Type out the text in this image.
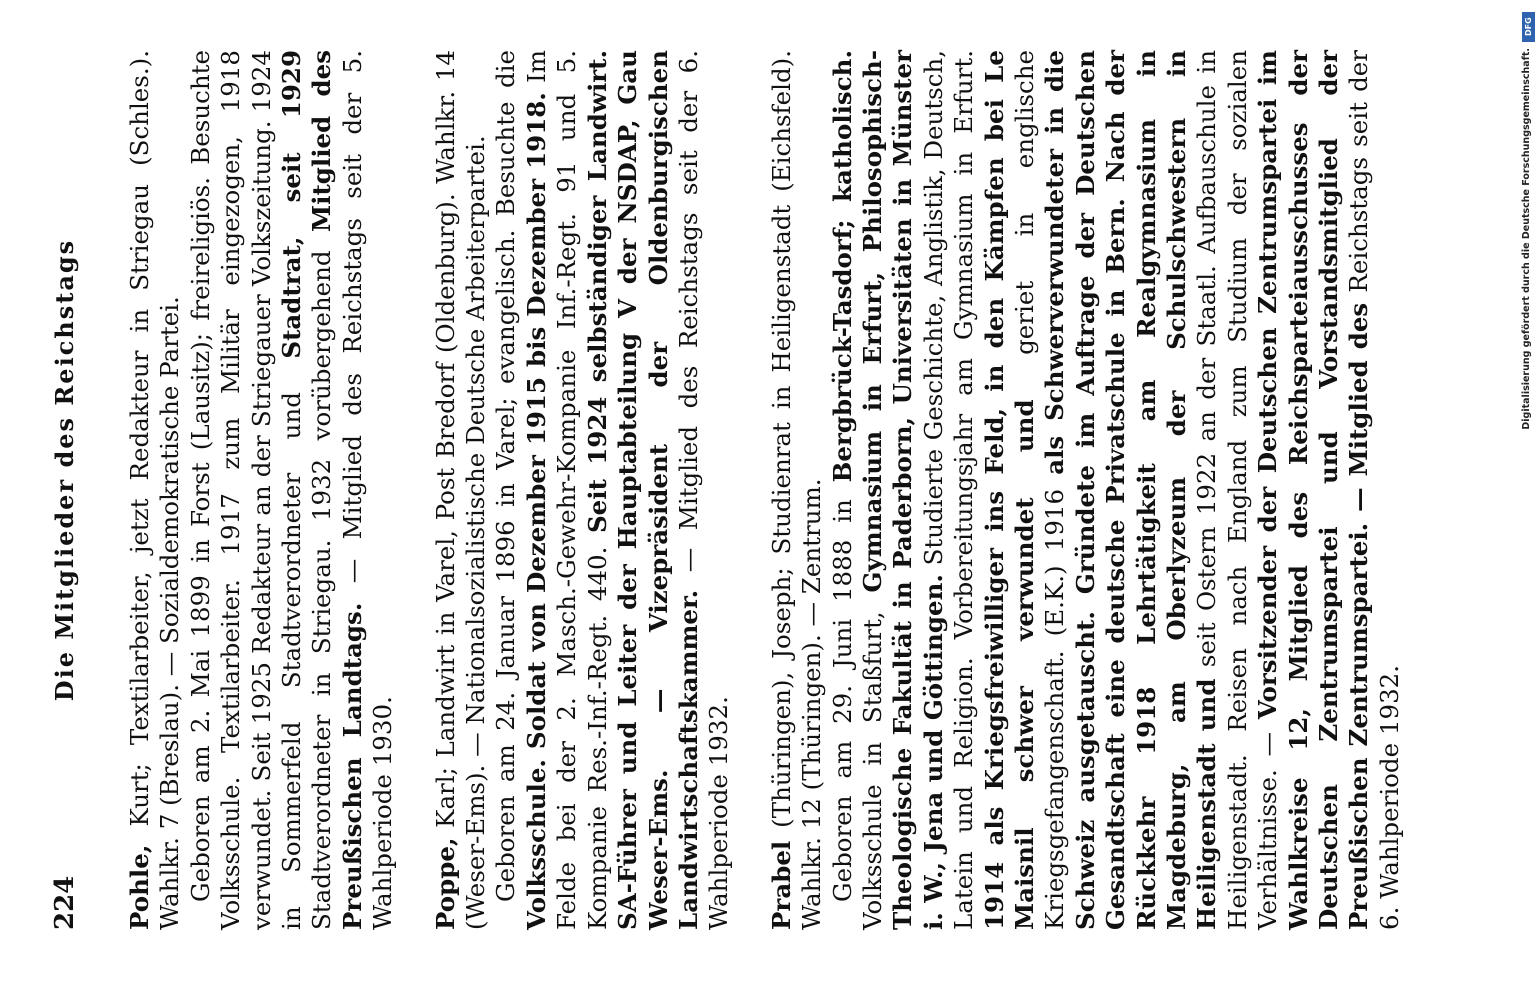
224
Die Mitglieder des Reichstags

Pohle, Kurt; Textilarbeiter, jetzt Redakteur in Striegau (Schles.). Wahlkr. 7 (Breslau). — Sozialdemokratische Partei. Geboren am 2. Mai 1899 in Forst (Lausitz); freireligiös. Besuchte Volksschule. Textilarbeiter. 1917 zum Militär eingezogen, 1918 verwundet. Seit 1925 Redakteur an der Striegauer Volkszeitung. 1924 in Sommerfeld Stadtverordneter und Stadtrat, seit 1929 Stadtverordneter in Striegau. 1932 vorübergehend Mitglied des Preußischen Landtags. — Mitglied des Reichstags seit der 5. Wahlperiode 1930. Poppe, Karl; Landwirt in Varel, Post Bredorf (Oldenburg). Wahlkr. 14 (Weser-Ems). — Nationalsozialistische Deutsche Arbeiterpartei. Geboren am 24. Januar 1896 in Varel; evangelisch. Besuchte die Volksschule. Soldat von Dezember 1915 bis Dezember 1918. Im Felde bei der 2. Masch.-Gewehr-Kompanie Inf.-Regt. 91 und 5. Kompanie Res.-Inf.-Regt. 440. Seit 1924 selbständiger Landwirt. SA-Führer und Leiter der Hauptabteilung V der NSDAP, Gau Weser-Ems. — Vizepräsident der Oldenburgischen Landwirtschaftskammer. — Mitglied des Reichstags seit der 6. Wahlperiode 1932. Prabel (Thüringen), Joseph; Studienrat in Heiligenstadt (Eichsfeld). Wahlkr. 12 (Thüringen). — Zentrum. Geboren am 29. Juni 1888 in Bergbrück-Tasdorf; katholisch. Volksschule in Staßfurt, Gymnasium in Erfurt, Philosophisch-Theologische Fakultät in Paderborn, Universitäten in Münster i. W., Jena und Göttingen. Studierte Geschichte, Anglistik, Deutsch, Latein und Religion. Vorbereitungsjahr am Gymnasium in Erfurt. 1914 als Kriegsfreiwilliger ins Feld, in den Kämpfen bei Le Maisnil schwer verwundet und geriet in englische Kriegsgefangenschaft. (E.K.) 1916 als Schwerverwundeter in die Schweiz ausgetauscht. Gründete im Auftrage der Deutschen Gesandtschaft eine deutsche Privatschule in Bern. Nach der Rückkehr 1918 Lehrtätigkeit am Realgymnasium in Magdeburg, am Oberlyzeum der Schulschwestern in Heiligenstadt und seit Ostern 1922 an der Staatl. Aufbauschule in Heiligenstadt. Reisen nach England zum Studium der sozialen Verhältnisse. — Vorsitzender der Deutschen Zentrumspartei im Wahlkreise 12, Mitglied des Reichsparteiausschusses der Deutschen Zentrumspartei und Vorstandsmitglied der Preußischen Zentrumspartei. — Mitglied des Reichstags seit der 6. Wahlperiode 1932.

DFG
Digitalisierung gefördert durch die Deutsche Forschungsgemeinschaft.
